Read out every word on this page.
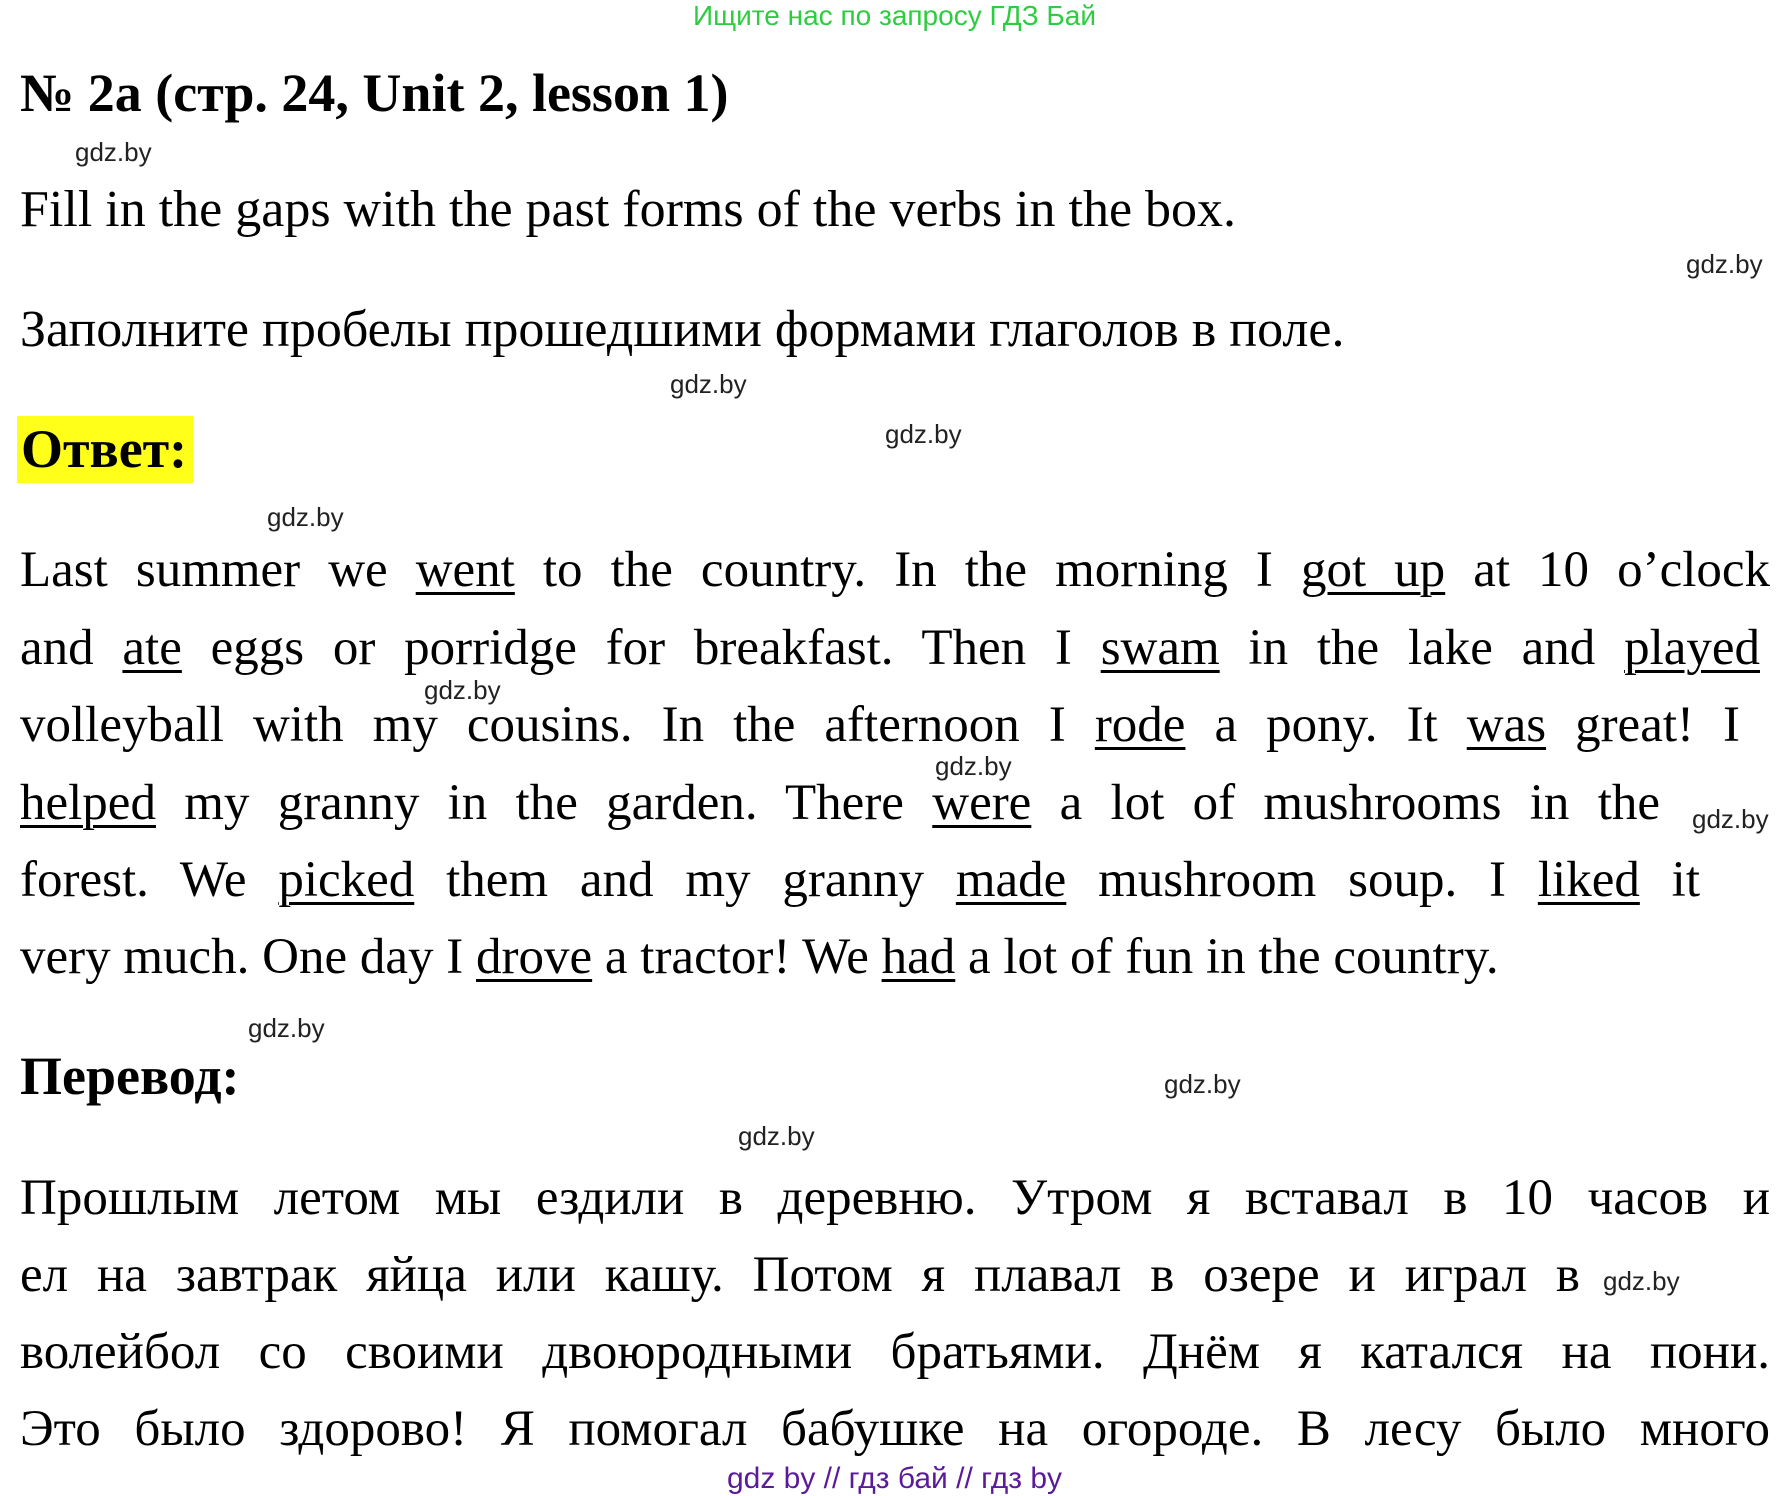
Ищите нас по запросу ГДЗ Бай
№ 2a (стр. 24, Unit 2, lesson 1)
Fill in the gaps with the past forms of the verbs in the box.
Заполните пробелы прошедшими формами глаголов в поле.
Ответ:
Last summer we went to the country. In the morning I got up at 10 o’clock
and ate eggs or porridge for breakfast. Then I swam in the lake and played
volleyball with my cousins. In the afternoon I rode a pony. It was great! I
helped my granny in the garden. There were a lot of mushrooms in the
forest. We picked them and my granny made mushroom soup. I liked it
very much. One day I drove a tractor! We had a lot of fun in the country.
Перевод:
Прошлым летом мы ездили в деревню. Утром я вставал в 10 часов и
ел на завтрак яйца или кашу. Потом я плавал в озере и играл в
волейбол со своими двоюродными братьями. Днём я катался на пони.
Это было здорово! Я помогал бабушке на огороде. В лесу было много
gdz.by
gdz.by
gdz.by
gdz.by
gdz.by
gdz.by
gdz.by
gdz.by
gdz.by
gdz.by
gdz.by
gdz.by
gdz by // гдз бай // гдз by
